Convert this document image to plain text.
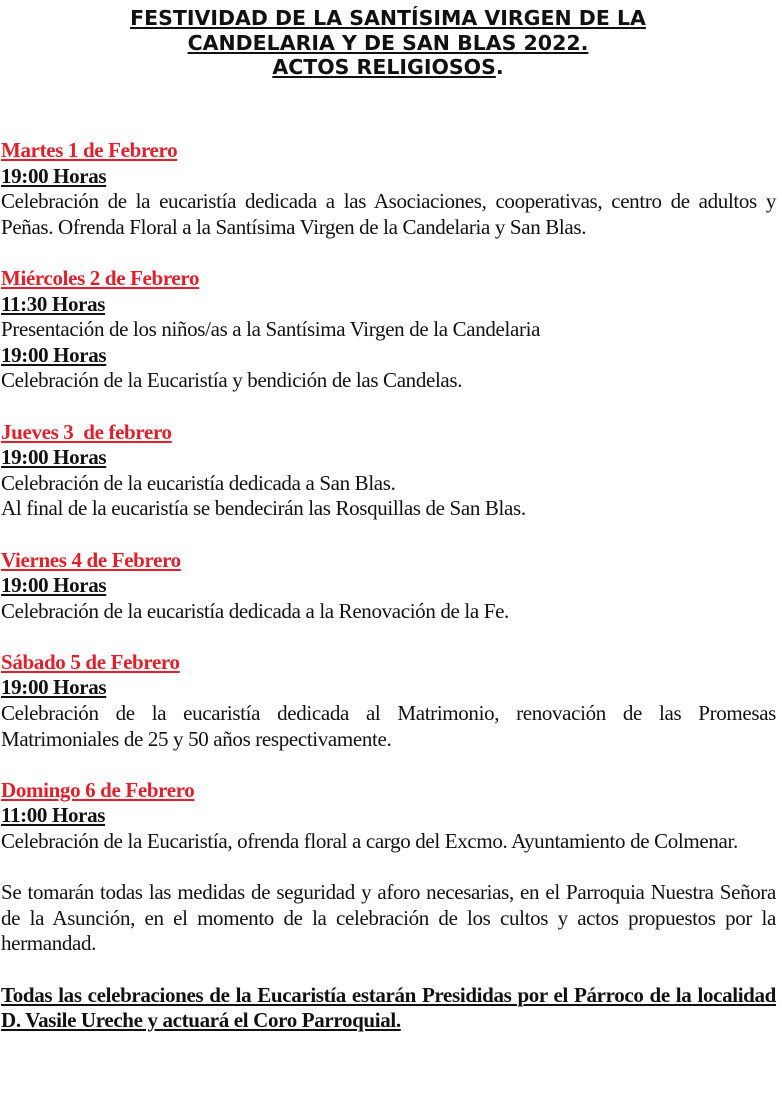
FESTIVIDAD DE LA SANTÍSIMA VIRGEN DE LA
CANDELARIA Y DE SAN BLAS 2022.
ACTOS RELIGIOSOS.
Martes 1 de Febrero
19:00 Horas
Celebración de la eucaristía dedicada a las Asociaciones, cooperativas, centro de adultos y Peñas. Ofrenda Floral a la Santísima Virgen de la Candelaria y San Blas.
Miércoles 2 de Febrero
11:30 Horas
Presentación de los niños/as a la Santísima Virgen de la Candelaria
19:00 Horas
Celebración de la Eucaristía y bendición de las Candelas.
Jueves 3  de febrero
19:00 Horas
Celebración de la eucaristía dedicada a San Blas.
Al final de la eucaristía se bendecirán las Rosquillas de San Blas.
Viernes 4 de Febrero
19:00 Horas
Celebración de la eucaristía dedicada a la Renovación de la Fe.
Sábado 5 de Febrero
19:00 Horas
Celebración de la eucaristía dedicada al Matrimonio, renovación de las Promesas Matrimoniales de 25 y 50 años respectivamente.
Domingo 6 de Febrero
11:00 Horas
Celebración de la Eucaristía, ofrenda floral a cargo del Excmo. Ayuntamiento de Colmenar.
Se tomarán todas las medidas de seguridad y aforo necesarias, en el Parroquia Nuestra Señora de la Asunción, en el momento de la celebración de los cultos y actos propuestos por la hermandad.
Todas las celebraciones de la Eucaristía estarán Presididas por el Párroco de la localidad D. Vasile Ureche y actuará el Coro Parroquial.
